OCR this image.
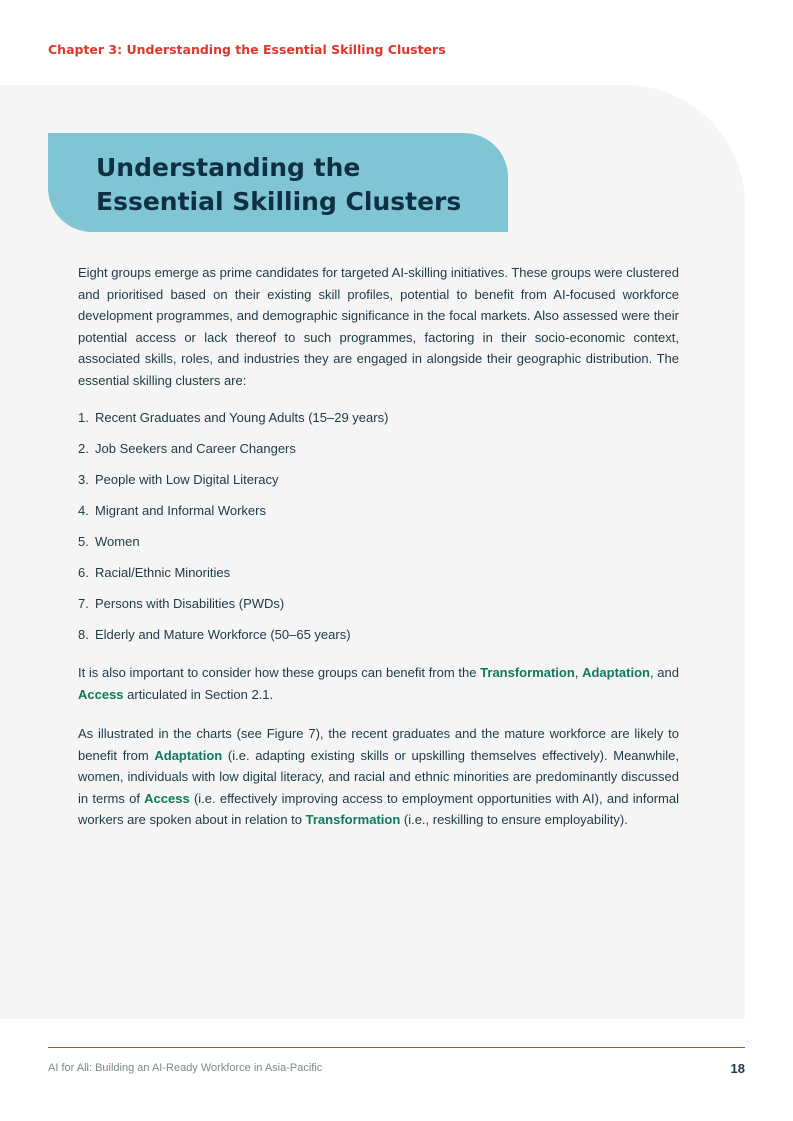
Chapter 3: Understanding the Essential Skilling Clusters
Understanding the
Essential Skilling Clusters

Eight groups emerge as prime candidates for targeted AI-skilling initiatives. These groups were clustered and prioritised based on their existing skill profiles, potential to benefit from AI-focused workforce development programmes, and demographic significance in the focal markets. Also assessed were their potential access or lack thereof to such programmes, factoring in their socio-economic context, associated skills, roles, and industries they are engaged in alongside their geographic distribution. The essential skilling clusters are:

1. Recent Graduates and Young Adults (15–29 years)
2. Job Seekers and Career Changers
3. People with Low Digital Literacy
4. Migrant and Informal Workers
5. Women
6. Racial/Ethnic Minorities
7. Persons with Disabilities (PWDs)
8. Elderly and Mature Workforce (50–65 years)

It is also important to consider how these groups can benefit from the Transformation, Adaptation, and Access articulated in Section 2.1.

As illustrated in the charts (see Figure 7), the recent graduates and the mature workforce are likely to benefit from Adaptation (i.e. adapting existing skills or upskilling themselves effectively). Meanwhile, women, individuals with low digital literacy, and racial and ethnic minorities are predominantly discussed in terms of Access (i.e. effectively improving access to employment opportunities with AI), and informal workers are spoken about in relation to Transformation (i.e., reskilling to ensure employability).

AI for All: Building an AI-Ready Workforce in Asia-Pacific	18
